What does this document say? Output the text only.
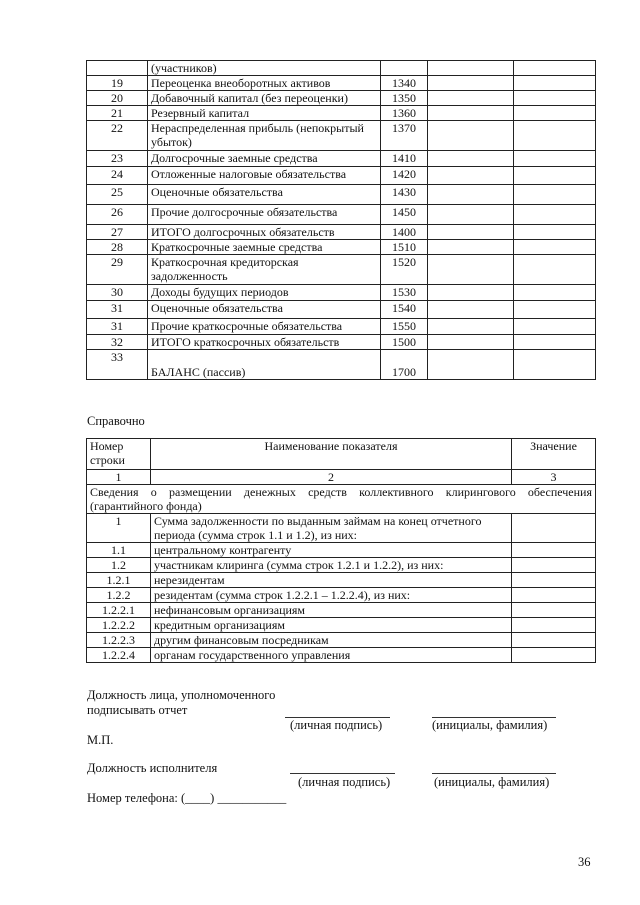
	(участников)			
19	Переоценка внеоборотных активов	1340		
20	Добавочный капитал (без переоценки)	1350		
21	Резервный капитал	1360		
22	Нераспределенная прибыль (непокрытый убыток)	1370		
23	Долгосрочные заемные средства	1410		
24	Отложенные налоговые обязательства	1420		
25	Оценочные обязательства	1430		
26	Прочие долгосрочные обязательства	1450		
27	ИТОГО долгосрочных обязательств	1400		
28	Краткосрочные заемные средства	1510		
29	Краткосрочная кредиторская задолженность	1520		
30	Доходы будущих периодов	1530		
31	Оценочные обязательства	1540		
31	Прочие краткосрочные обязательства	1550		
32	ИТОГО краткосрочных обязательств	1500		
33	БАЛАНС (пассив)	1700		
Справочно
Номер строки	Наименование показателя	Значение
1	2	3
Сведения о размещении денежных средств коллективного клирингового обеспечения (гарантийного фонда)		
1	Сумма задолженности по выданным займам на конец отчетного периода (сумма строк 1.1 и 1.2), из них:	
1.1	центральному контрагенту	
1.2	участникам клиринга (сумма строк 1.2.1 и 1.2.2), из них:	
1.2.1	нерезидентам	
1.2.2	резидентам (сумма строк 1.2.2.1 – 1.2.2.4), из них:	
1.2.2.1	нефинансовым организациям	
1.2.2.2	кредитным организациям	
1.2.2.3	другим финансовым посредникам	
1.2.2.4	органам государственного управления	
Должность лица, уполномоченного
подписывать отчет
(личная подпись)	(инициалы, фамилия)
М.П.
Должность исполнителя
(личная подпись)	(инициалы, фамилия)
Номер телефона: (____) ___________
36
